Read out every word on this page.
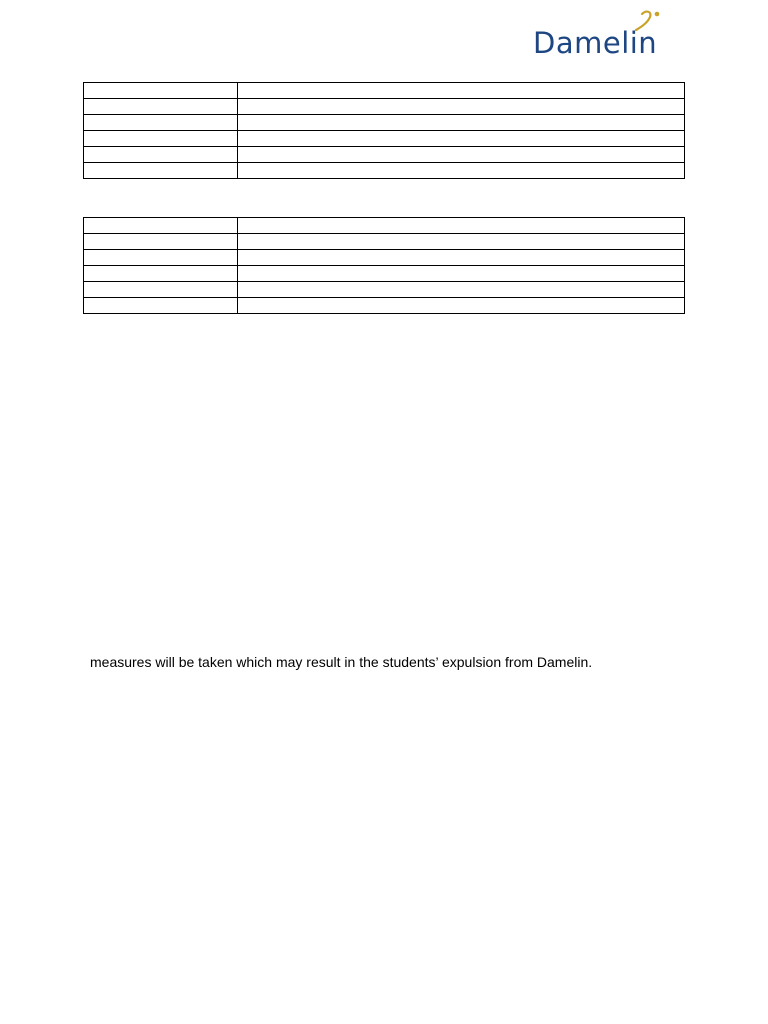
Damelin

measures will be taken which may result in the students’ expulsion from Damelin.
